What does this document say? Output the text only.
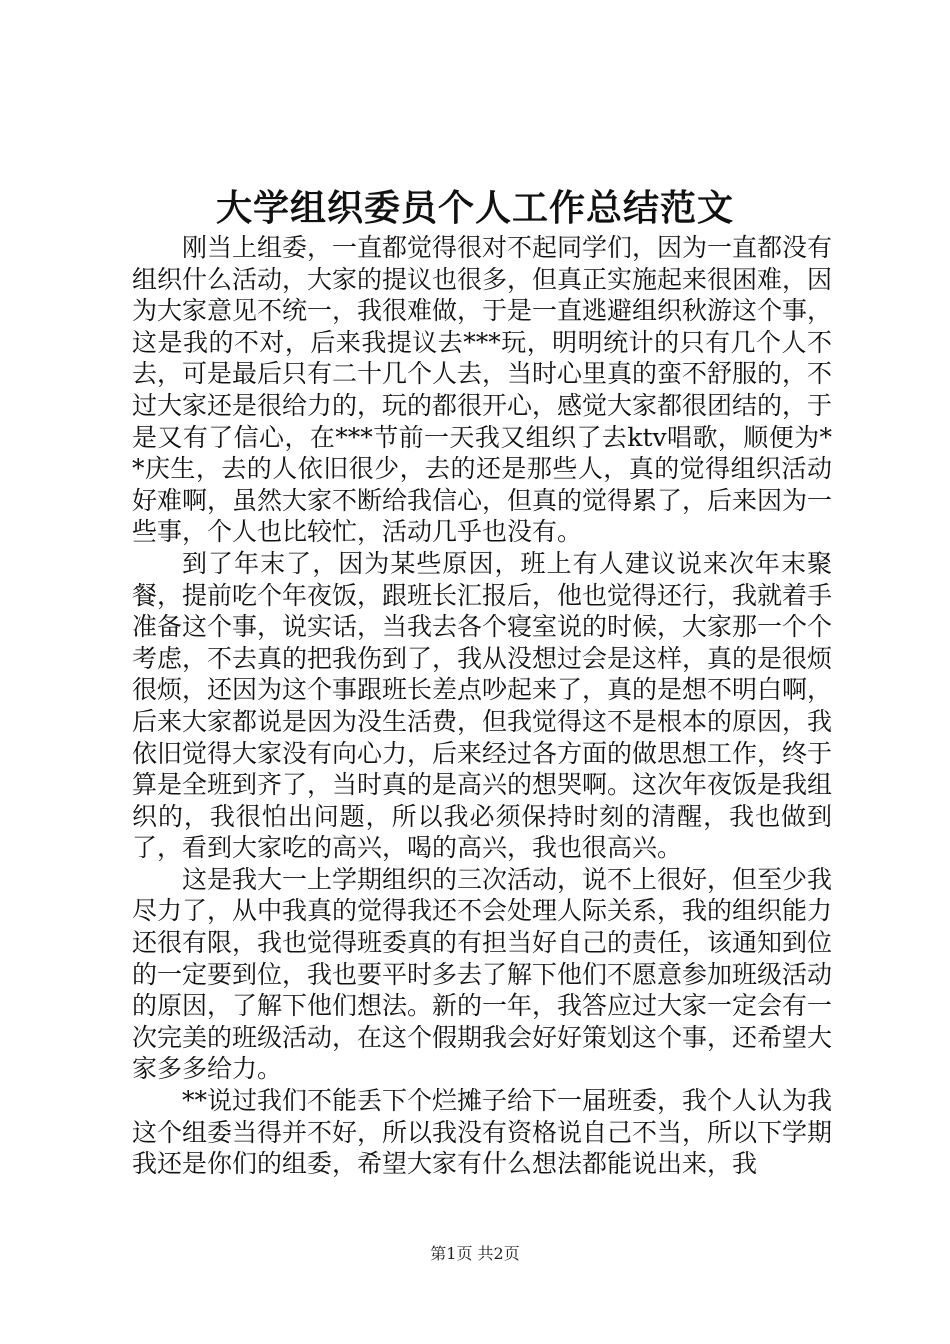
大学组织委员个人工作总结范文

刚当上组委，一直都觉得很对不起同学们，因为一直都没有组织什么活动，大家的提议也很多，但真正实施起来很困难，因为大家意见不统一，我很难做，于是一直逃避组织秋游这个事，这是我的不对，后来我提议去***玩，明明统计的只有几个人不去，可是最后只有二十几个人去，当时心里真的蛮不舒服的，不过大家还是很给力的，玩的都很开心，感觉大家都很团结的，于是又有了信心，在***节前一天我又组织了去ktv唱歌，顺便为**庆生，去的人依旧很少，去的还是那些人，真的觉得组织活动好难啊，虽然大家不断给我信心，但真的觉得累了，后来因为一些事，个人也比较忙，活动几乎也没有。

到了年末了，因为某些原因，班上有人建议说来次年末聚餐，提前吃个年夜饭，跟班长汇报后，他也觉得还行，我就着手准备这个事，说实话，当我去各个寝室说的时候，大家那一个个考虑，不去真的把我伤到了，我从没想过会是这样，真的是很烦很烦，还因为这个事跟班长差点吵起来了，真的是想不明白啊，后来大家都说是因为没生活费，但我觉得这不是根本的原因，我依旧觉得大家没有向心力，后来经过各方面的做思想工作，终于算是全班到齐了，当时真的是高兴的想哭啊。这次年夜饭是我组织的，我很怕出问题，所以我必须保持时刻的清醒，我也做到了，看到大家吃的高兴，喝的高兴，我也很高兴。

这是我大一上学期组织的三次活动，说不上很好，但至少我尽力了，从中我真的觉得我还不会处理人际关系，我的组织能力还很有限，我也觉得班委真的有担当好自己的责任，该通知到位的一定要到位，我也要平时多去了解下他们不愿意参加班级活动的原因，了解下他们想法。新的一年，我答应过大家一定会有一次完美的班级活动，在这个假期我会好好策划这个事，还希望大家多多给力。

**说过我们不能丢下个烂摊子给下一届班委，我个人认为我这个组委当得并不好，所以我没有资格说自己不当，所以下学期我还是你们的组委，希望大家有什么想法都能说出来，我

第1页 共2页
